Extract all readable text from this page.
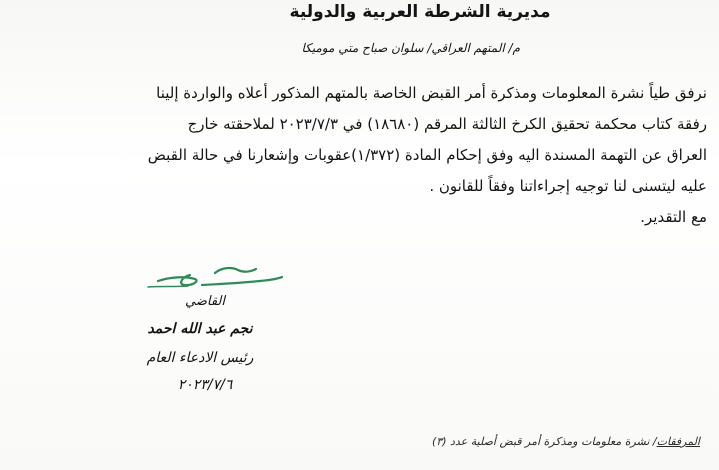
مديرية الشرطة العربية والدولية
م/ المتهم العراقي/ سلوان صباح متي موميكا
نرفق طياً نشرة المعلومات ومذكرة أمر القبض الخاصة بالمتهم المذكور أعلاه والواردة إلينا
رفقة كتاب محكمة تحقيق الكرخ الثالثة المرقم (١٨٦٨٠) في ٢٠٢٣/٧/٣ لملاحقته خارج
العراق عن التهمة المسندة اليه وفق إحكام المادة (١/٣٧٢)عقوبات وإشعارنا في حالة القبض
عليه ليتسنى لنا توجيه إجراءاتنا وفقاً للقانون .
مع التقدير.
القاضي
نجم عبد الله احمد
رئيس الادعاء العام
٢٠٢٣/٧/٦
المرفقات/ نشرة معلومات ومذكرة أمر قبض أصلية عدد (٣)
